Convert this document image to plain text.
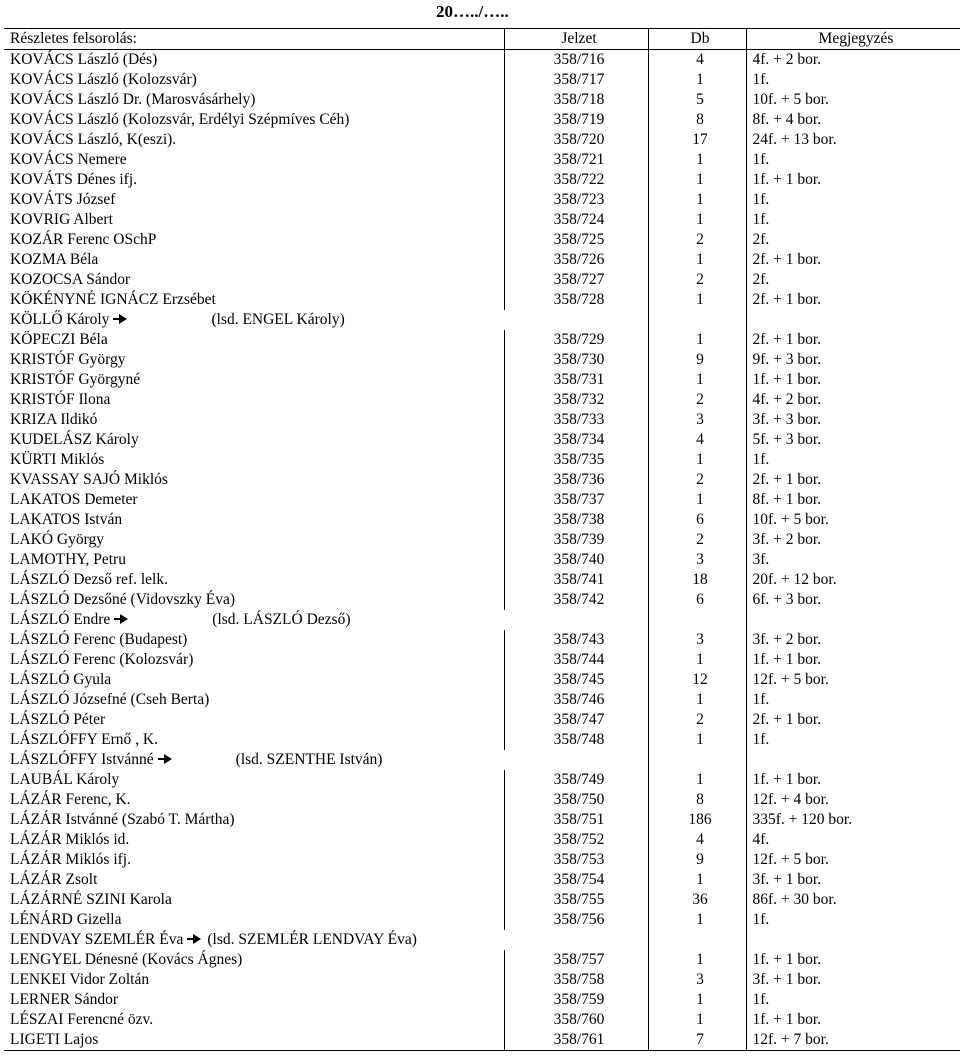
20…../…..
Részletes felsorolás:	Jelzet	Db	Megjegyzés
KOVÁCS László (Dés)	358/716	4	4f. + 2 bor.
KOVÁCS László (Kolozsvár)	358/717	1	1f.
KOVÁCS László Dr. (Marosvásárhely)	358/718	5	10f. + 5 bor.
KOVÁCS László (Kolozsvár, Erdélyi Szépmíves Céh)	358/719	8	8f. + 4 bor.
KOVÁCS László, K(eszi).	358/720	17	24f. + 13 bor.
KOVÁCS Nemere	358/721	1	1f.
KOVÁTS Dénes ifj.	358/722	1	1f. + 1 bor.
KOVÁTS József	358/723	1	1f.
KOVRIG Albert	358/724	1	1f.
KOZÁR Ferenc OSchP	358/725	2	2f.
KOZMA Béla	358/726	1	2f. + 1 bor.
KOZOCSA Sándor	358/727	2	2f.
KÖKÉNYNÉ IGNÁCZ Erzsébet	358/728	1	2f. + 1 bor.
KÖLLŐ Károly (lsd. ENGEL Károly)			
KÖPECZI Béla	358/729	1	2f. + 1 bor.
KRISTÓF György	358/730	9	9f. + 3 bor.
KRISTÓF Györgyné	358/731	1	1f. + 1 bor.
KRISTÓF Ilona	358/732	2	4f. + 2 bor.
KRIZA Ildikó	358/733	3	3f. + 3 bor.
KUDELÁSZ Károly	358/734	4	5f. + 3 bor.
KÜRTI Miklós	358/735	1	1f.
KVASSAY SAJÓ Miklós	358/736	2	2f. + 1 bor.
LAKATOS Demeter	358/737	1	8f. + 1 bor.
LAKATOS István	358/738	6	10f. + 5 bor.
LAKÓ György	358/739	2	3f. + 2 bor.
LAMOTHY, Petru	358/740	3	3f.
LÁSZLÓ Dezső ref. lelk.	358/741	18	20f. + 12 bor.
LÁSZLÓ Dezsőné (Vidovszky Éva)	358/742	6	6f. + 3 bor.
LÁSZLÓ Endre (lsd. LÁSZLÓ Dezső)			
LÁSZLÓ Ferenc (Budapest)	358/743	3	3f. + 2 bor.
LÁSZLÓ Ferenc (Kolozsvár)	358/744	1	1f. + 1 bor.
LÁSZLÓ Gyula	358/745	12	12f. + 5 bor.
LÁSZLÓ Józsefné (Cseh Berta)	358/746	1	1f.
LÁSZLÓ Péter	358/747	2	2f. + 1 bor.
LÁSZLÓFFY Ernő , K.	358/748	1	1f.
LÁSZLÓFFY Istvánné (lsd. SZENTHE István)			
LAUBÁL Károly	358/749	1	1f. + 1 bor.
LÁZÁR Ferenc, K.	358/750	8	12f. + 4 bor.
LÁZÁR Istvánné (Szabó T. Mártha)	358/751	186	335f. + 120 bor.
LÁZÁR Miklós id.	358/752	4	4f.
LÁZÁR Miklós ifj.	358/753	9	12f. + 5 bor.
LÁZÁR Zsolt	358/754	1	3f. + 1 bor.
LÁZÁRNÉ SZINI Karola	358/755	36	86f. + 30 bor.
LÉNÁRD Gizella	358/756	1	1f.
LENDVAY SZEMLÉR Éva (lsd. SZEMLÉR LENDVAY Éva)			
LENGYEL Dénesné (Kovács Ágnes)	358/757	1	1f. + 1 bor.
LENKEI Vidor Zoltán	358/758	3	3f. + 1 bor.
LERNER Sándor	358/759	1	1f.
LÉSZAI Ferencné özv.	358/760	1	1f. + 1 bor.
LIGETI Lajos	358/761	7	12f. + 7 bor.
